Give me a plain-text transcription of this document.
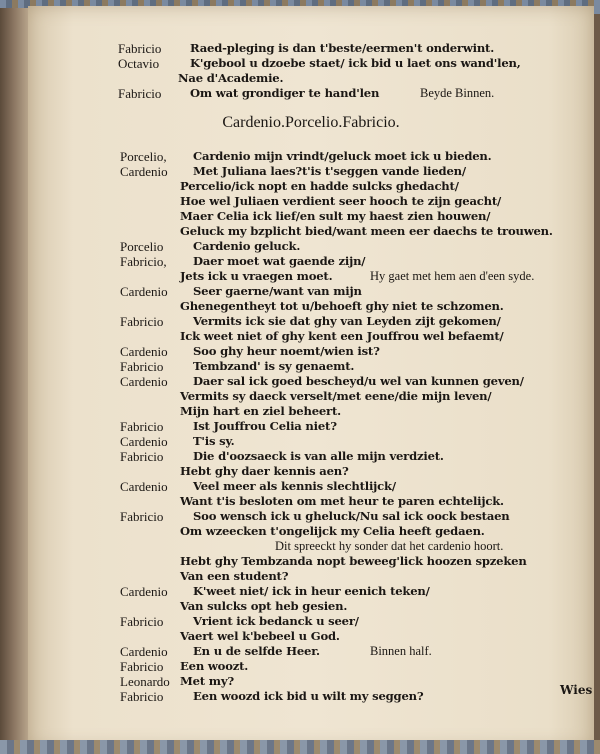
Fabricio Raed-pleging is dan t'beste/eermen't onderwint.
Octavio	K'gebool u dzoebe staet/ ick bid u laet ons wand'len,
Nae d'Academie.
Fabricio Om wat grondiger te hand'len	Beyde Binnen.
Cardenio.Porcelio.Fabricio.
Porcelio, Cardenio mijn vrindt/geluck moet ick u bieden.
Cardenio Met Juliana laes?t'is t'seggen vande lieden/
Percelio/ick nopt en hadde sulcks ghedacht/
Hoe wel Juliaen verdient seer hooch te zijn geacht/
Maer Celia ick lief/en sult my haest zien houwen/
Geluck my bzplicht bied/want meen eer daechs te trouwen.
Porcelio	Cardenio geluck.
Fabricio, Daer moet wat gaende zijn/
Jets ick u vraegen moet.	Hy gaet met hem aen d'een syde.
Cardenio Seer gaerne/want van mijn
Ghenegentheyt tot u/behoeft ghy niet te schzomen.
Fabricio	Vermits ick sie dat ghy van Leyden zijt gekomen/
Ick weet niet of ghy kent een Jouffrou wel befaemt/
Cardenio Soo ghy heur noemt/wien ist?
Fabricio	Tembzand' is sy genaemt.
Cardenio Daer sal ick goed bescheyd/u wel van kunnen geven/
Vermits sy daeck verselt/met eene/die mijn leven/
Mijn hart en ziel beheert.
Fabricio	Ist Jouffrou Celia niet?
Cardenio T'is sy.
Fabricio	Die d'oozsaeck is van alle mijn verdziet.
Hebt ghy daer kennis aen?
Cardenio Veel meer als kennis slechtlijck/
Want t'is besloten om met heur te paren echtelijck.
Fabricio	Soo wensch ick u gheluck/Nu sal ick oock bestaen
Om wzeecken t'ongelijck my Celia heeft gedaen.
Dit spreeckt hy sonder dat het cardenio hoort.
Hebt ghy Tembzanda nopt beweeg'lick hoozen spzeken
Van een student?
Cardenio K'weet niet/ ick in heur eenich teken/
Van sulcks opt heb gesien.
Fabricio	Vrient ick bedanck u seer/
Vaert wel k'bebeel u God.
Cardenio En u de selfde Heer.	Binnen half.
Fabricio Een woozt.
Leonardo Met my?
Fabricio	Een woozd ick bid u wilt my seggen?	Wies
